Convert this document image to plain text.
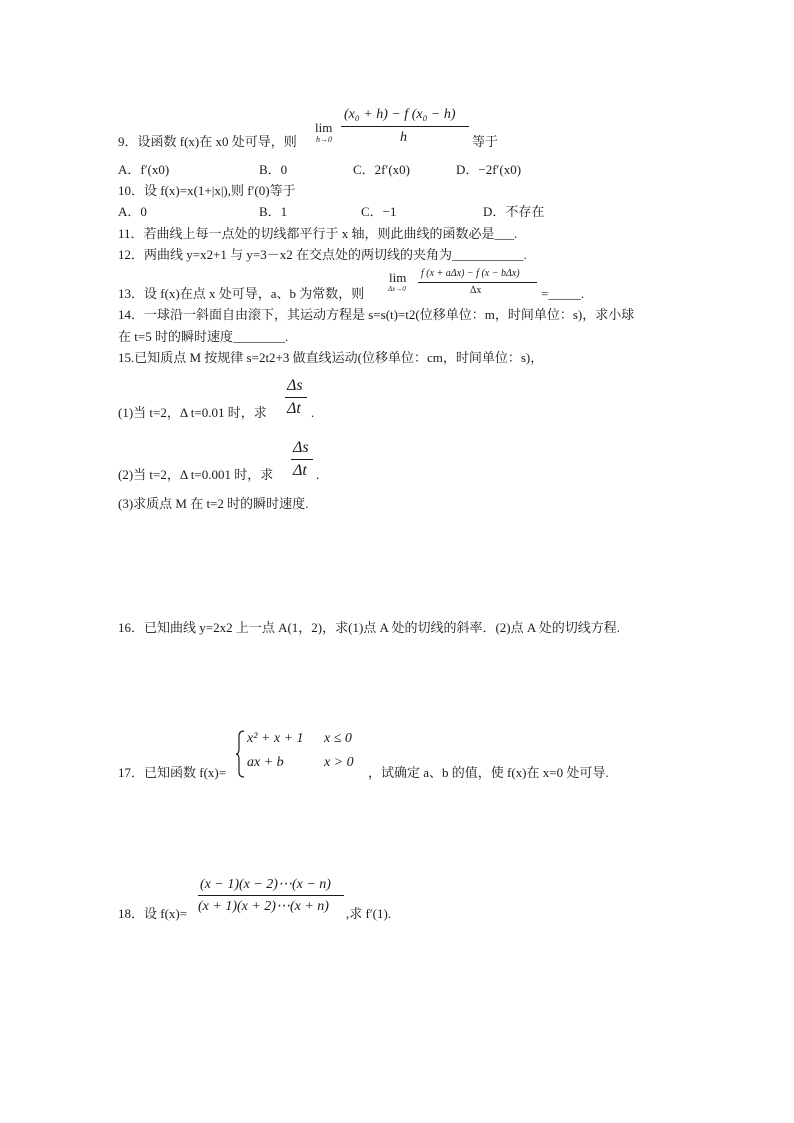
9．设函数 f(x)在 x0 处可导，则
lim
h→0
(x₀ + h) − f (x₀ − h)
h	等于
A．f′(x0)	B．0	C．2f′(x0)	D．−2f′(x0)
10．设 f(x)=x(1+|x|),则 f′(0)等于
A．0	B．1	C．−1	D．不存在
11．若曲线上每一点处的切线都平行于 x 轴，则此曲线的函数必是___.
12．两曲线 y=x2+1 与 y=3－x2 在交点处的两切线的夹角为___________.
13．设 f(x)在点 x 处可导，a、b 为常数，则
lim
Δx→0
f (x + aΔx) − f (x − bΔx)
Δx	=_____.
14．一球沿一斜面自由滚下，其运动方程是 s=s(t)=t2(位移单位：m，时间单位：s)，求小球
在 t=5 时的瞬时速度________.
15.已知质点 M 按规律 s=2t2+3 做直线运动(位移单位：cm，时间单位：s)，
(1)当 t=2，Δ t=0.01 时，求
Δs
Δt .
(2)当 t=2，Δ t=0.001 时，求
Δs
Δt .
(3)求质点 M 在 t=2 时的瞬时速度.
16．已知曲线 y=2x2 上一点 A(1，2)，求(1)点 A 处的切线的斜率．(2)点 A 处的切线方程.
17．已知函数 f(x)=
x² + x + 1 x ≤ 0
ax + b	x > 0
，试确定 a、b 的值，使 f(x)在 x=0 处可导.
18．设 f(x)=
(x − 1)(x − 2)⋯(x − n)
(x + 1)(x + 2)⋯(x + n) ,求 f′(1).
